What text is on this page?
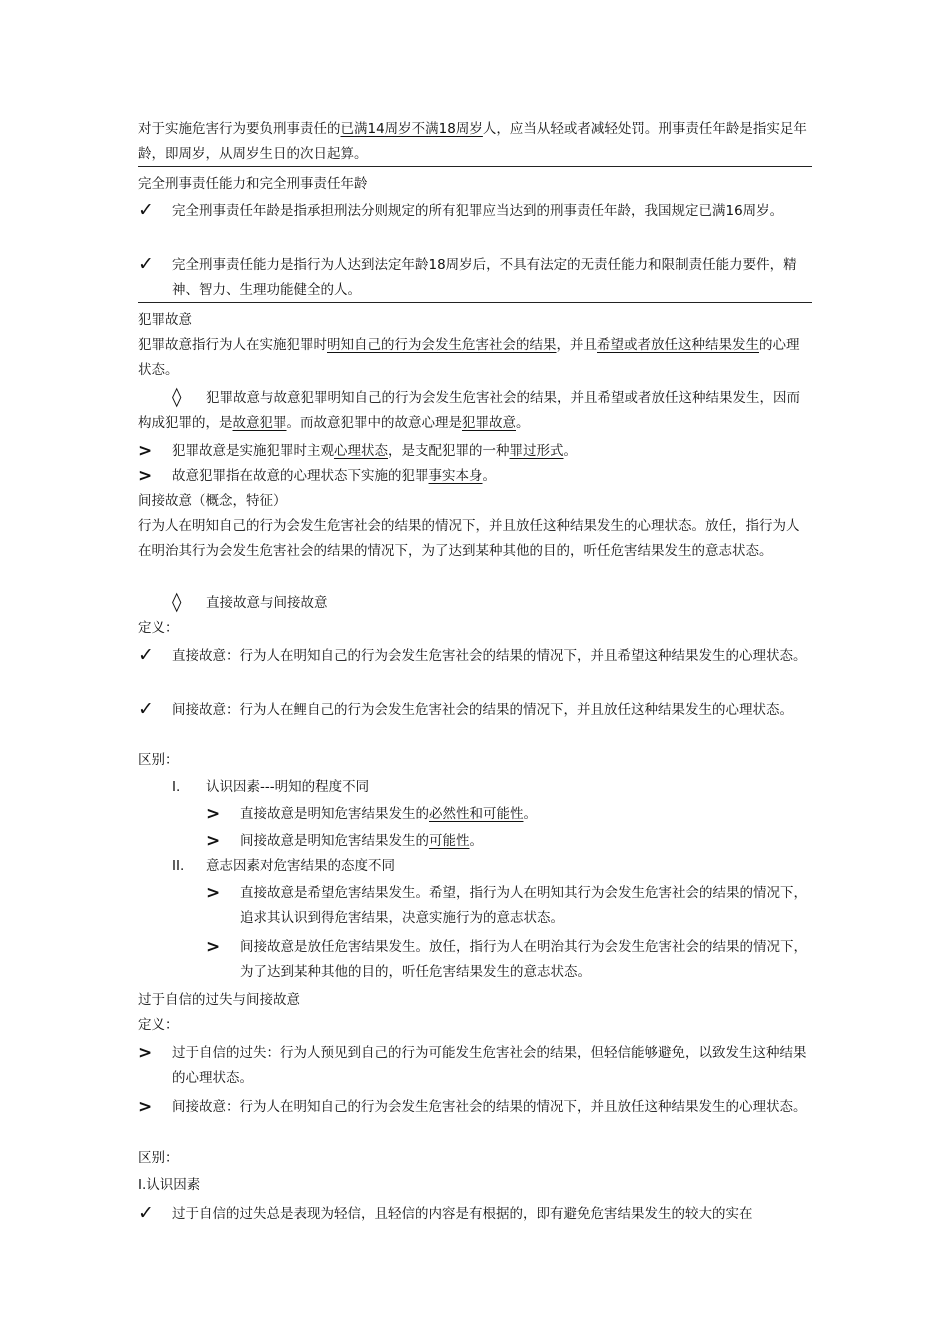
对于实施危害行为要负刑事责任的已满14周岁不满18周岁人，应当从轻或者减轻处罚。刑事责任年龄是指实足年龄，即周岁，从周岁生日的次日起算。
完全刑事责任能力和完全刑事责任年龄
✓ 完全刑事责任年龄是指承担刑法分则规定的所有犯罪应当达到的刑事责任年龄，我国规定已满16周岁。
✓ 完全刑事责任能力是指行为人达到法定年龄18周岁后，不具有法定的无责任能力和限制责任能力要件，精神、智力、生理功能健全的人。
犯罪故意
犯罪故意指行为人在实施犯罪时明知自己的行为会发生危害社会的结果，并且希望或者放任这种结果发生的心理状态。
◊	犯罪故意与故意犯罪明知自己的行为会发生危害社会的结果，并且希望或者放任这种结果发生，因而构成犯罪的，是故意犯罪。而故意犯罪中的故意心理是犯罪故意。
> 犯罪故意是实施犯罪时主观心理状态，是支配犯罪的一种罪过形式。
> 故意犯罪指在故意的心理状态下实施的犯罪事实本身。
间接故意（概念，特征）
行为人在明知自己的行为会发生危害社会的结果的情况下，并且放任这种结果发生的心理状态。放任，指行为人在明治其行为会发生危害社会的结果的情况下，为了达到某种其他的目的，听任危害结果发生的意志状态。
◊ 直接故意与间接故意
定义：
✓ 直接故意：行为人在明知自己的行为会发生危害社会的结果的情况下，并且希望这种结果发生的心理状态。
✓ 间接故意：行为人在鲤自己的行为会发生危害社会的结果的情况下，并且放任这种结果发生的心理状态。
区别：
I.	认识因素---明知的程度不同
> 直接故意是明知危害结果发生的必然性和可能性。
> 间接故意是明知危害结果发生的可能性。
II.	意志因素对危害结果的态度不同
> 直接故意是希望危害结果发生。希望，指行为人在明知其行为会发生危害社会的结果的情况下，追求其认识到得危害结果，决意实施行为的意志状态。
> 间接故意是放任危害结果发生。放任，指行为人在明治其行为会发生危害社会的结果的情况下，为了达到某种其他的目的，听任危害结果发生的意志状态。
过于自信的过失与间接故意
定义：
> 过于自信的过失：行为人预见到自己的行为可能发生危害社会的结果，但轻信能够避免，以致发生这种结果的心理状态。
> 间接故意：行为人在明知自己的行为会发生危害社会的结果的情况下，并且放任这种结果发生的心理状态。
区别：
I.认识因素
✓ 过于自信的过失总是表现为轻信，且轻信的内容是有根据的，即有避免危害结果发生的较大的实在
